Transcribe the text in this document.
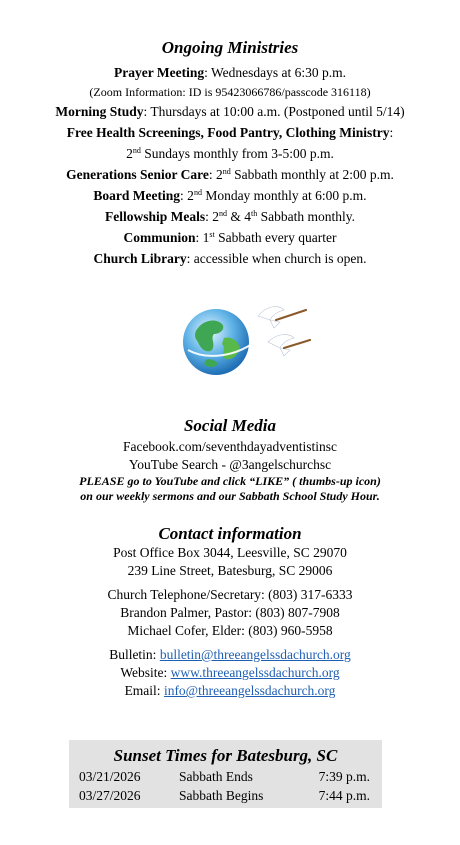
Ongoing Ministries
Prayer Meeting: Wednesdays at 6:30 p.m.
(Zoom Information: ID is 95423066786/passcode 316118)
Morning Study: Thursdays at 10:00 a.m. (Postponed until 5/14)
Free Health Screenings, Food Pantry, Clothing Ministry:
2nd Sundays monthly from 3-5:00 p.m.
Generations Senior Care: 2nd Sabbath monthly at 2:00 p.m.
Board Meeting: 2nd Monday monthly at 6:00 p.m.
Fellowship Meals: 2nd & 4th Sabbath monthly.
Communion: 1st Sabbath every quarter
Church Library: accessible when church is open.
Social Media
Facebook.com/seventhdayadventistinsc
YouTube Search - @3angelschurchsc
PLEASE go to YouTube and click “LIKE” ( thumbs-up icon)
on our weekly sermons and our Sabbath School Study Hour.
Contact information
Post Office Box 3044, Leesville, SC 29070
239 Line Street, Batesburg, SC 29006
Church Telephone/Secretary: (803) 317-6333
Brandon Palmer, Pastor: (803) 807-7908
Michael Cofer, Elder: (803) 960-5958
Bulletin: bulletin@threeangelssdachurch.org
Website: www.threeangelssdachurch.org
Email: info@threeangelssdachurch.org
Sunset Times for Batesburg, SC
03/21/2026	Sabbath Ends	7:39 p.m.
03/27/2026	Sabbath Begins	7:44 p.m.
